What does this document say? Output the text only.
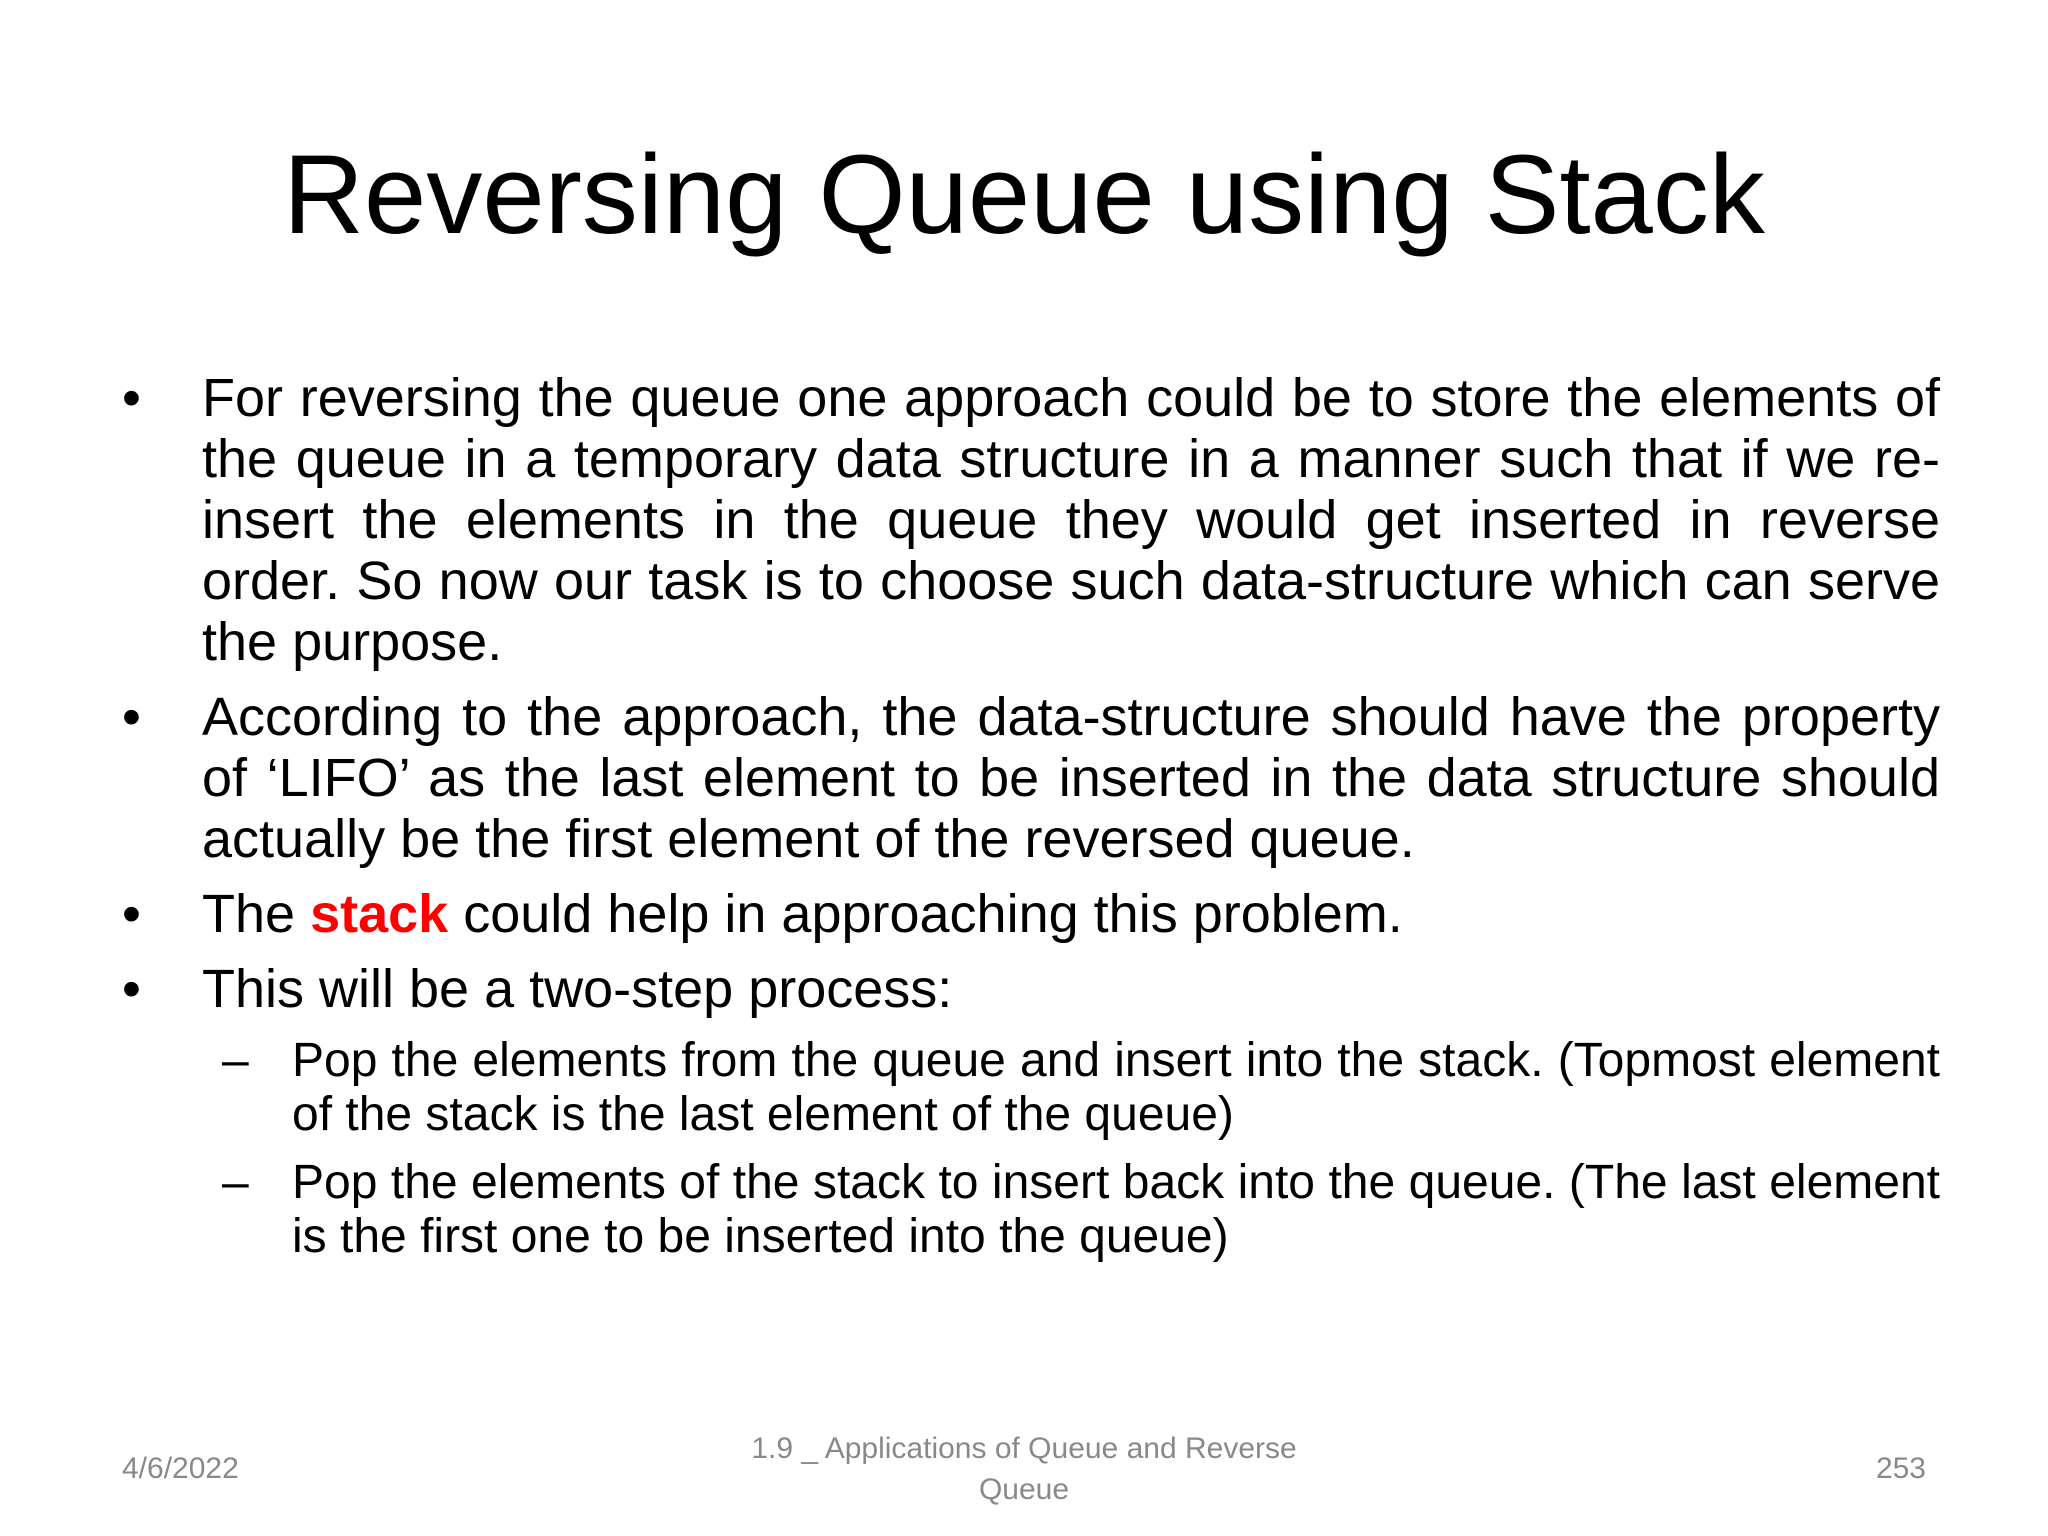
Reversing Queue using Stack
• For reversing the queue one approach could be to store the elements of the queue in a temporary data structure in a manner such that if we re-insert the elements in the queue they would get inserted in reverse order. So now our task is to choose such data-structure which can serve the purpose.
• According to the approach, the data-structure should have the property of ‘LIFO’ as the last element to be inserted in the data structure should actually be the first element of the reversed queue.
• The stack could help in approaching this problem.
• This will be a two-step process:
– Pop the elements from the queue and insert into the stack. (Topmost element of the stack is the last element of the queue)
– Pop the elements of the stack to insert back into the queue. (The last element is the first one to be inserted into the queue)
4/6/2022
1.9 _ Applications of Queue and Reverse
Queue
253
